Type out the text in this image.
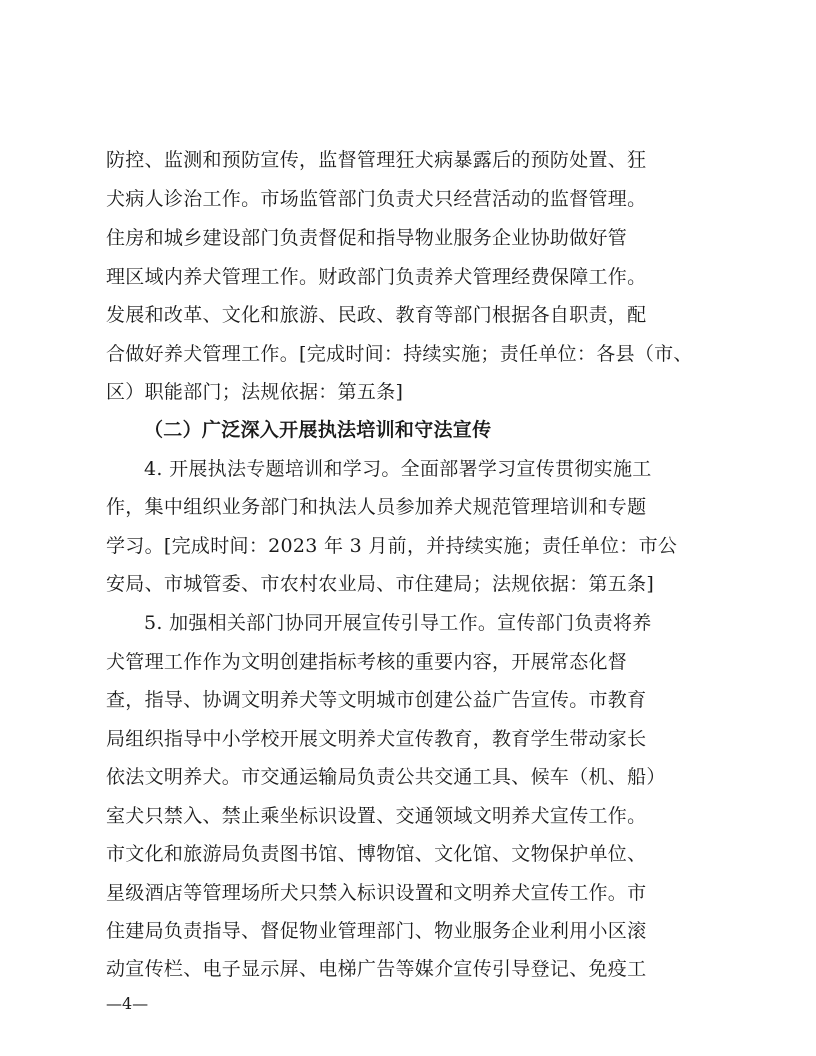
防控、监测和预防宣传，监督管理狂犬病暴露后的预防处置、狂
犬病人诊治工作。市场监管部门负责犬只经营活动的监督管理。
住房和城乡建设部门负责督促和指导物业服务企业协助做好管
理区域内养犬管理工作。财政部门负责养犬管理经费保障工作。
发展和改革、文化和旅游、民政、教育等部门根据各自职责，配
合做好养犬管理工作。[完成时间：持续实施；责任单位：各县（市、
区）职能部门；法规依据：第五条]
（二）广泛深入开展执法培训和守法宣传
4. 开展执法专题培训和学习。全面部署学习宣传贯彻实施工
作，集中组织业务部门和执法人员参加养犬规范管理培训和专题
学习。[完成时间：2023 年 3 月前，并持续实施；责任单位：市公
安局、市城管委、市农村农业局、市住建局；法规依据：第五条]
5. 加强相关部门协同开展宣传引导工作。宣传部门负责将养
犬管理工作作为文明创建指标考核的重要内容，开展常态化督
查，指导、协调文明养犬等文明城市创建公益广告宣传。市教育
局组织指导中小学校开展文明养犬宣传教育，教育学生带动家长
依法文明养犬。市交通运输局负责公共交通工具、候车（机、船）
室犬只禁入、禁止乘坐标识设置、交通领域文明养犬宣传工作。
市文化和旅游局负责图书馆、博物馆、文化馆、文物保护单位、
星级酒店等管理场所犬只禁入标识设置和文明养犬宣传工作。市
住建局负责指导、督促物业管理部门、物业服务企业利用小区滚
动宣传栏、电子显示屏、电梯广告等媒介宣传引导登记、免疫工
—4—
